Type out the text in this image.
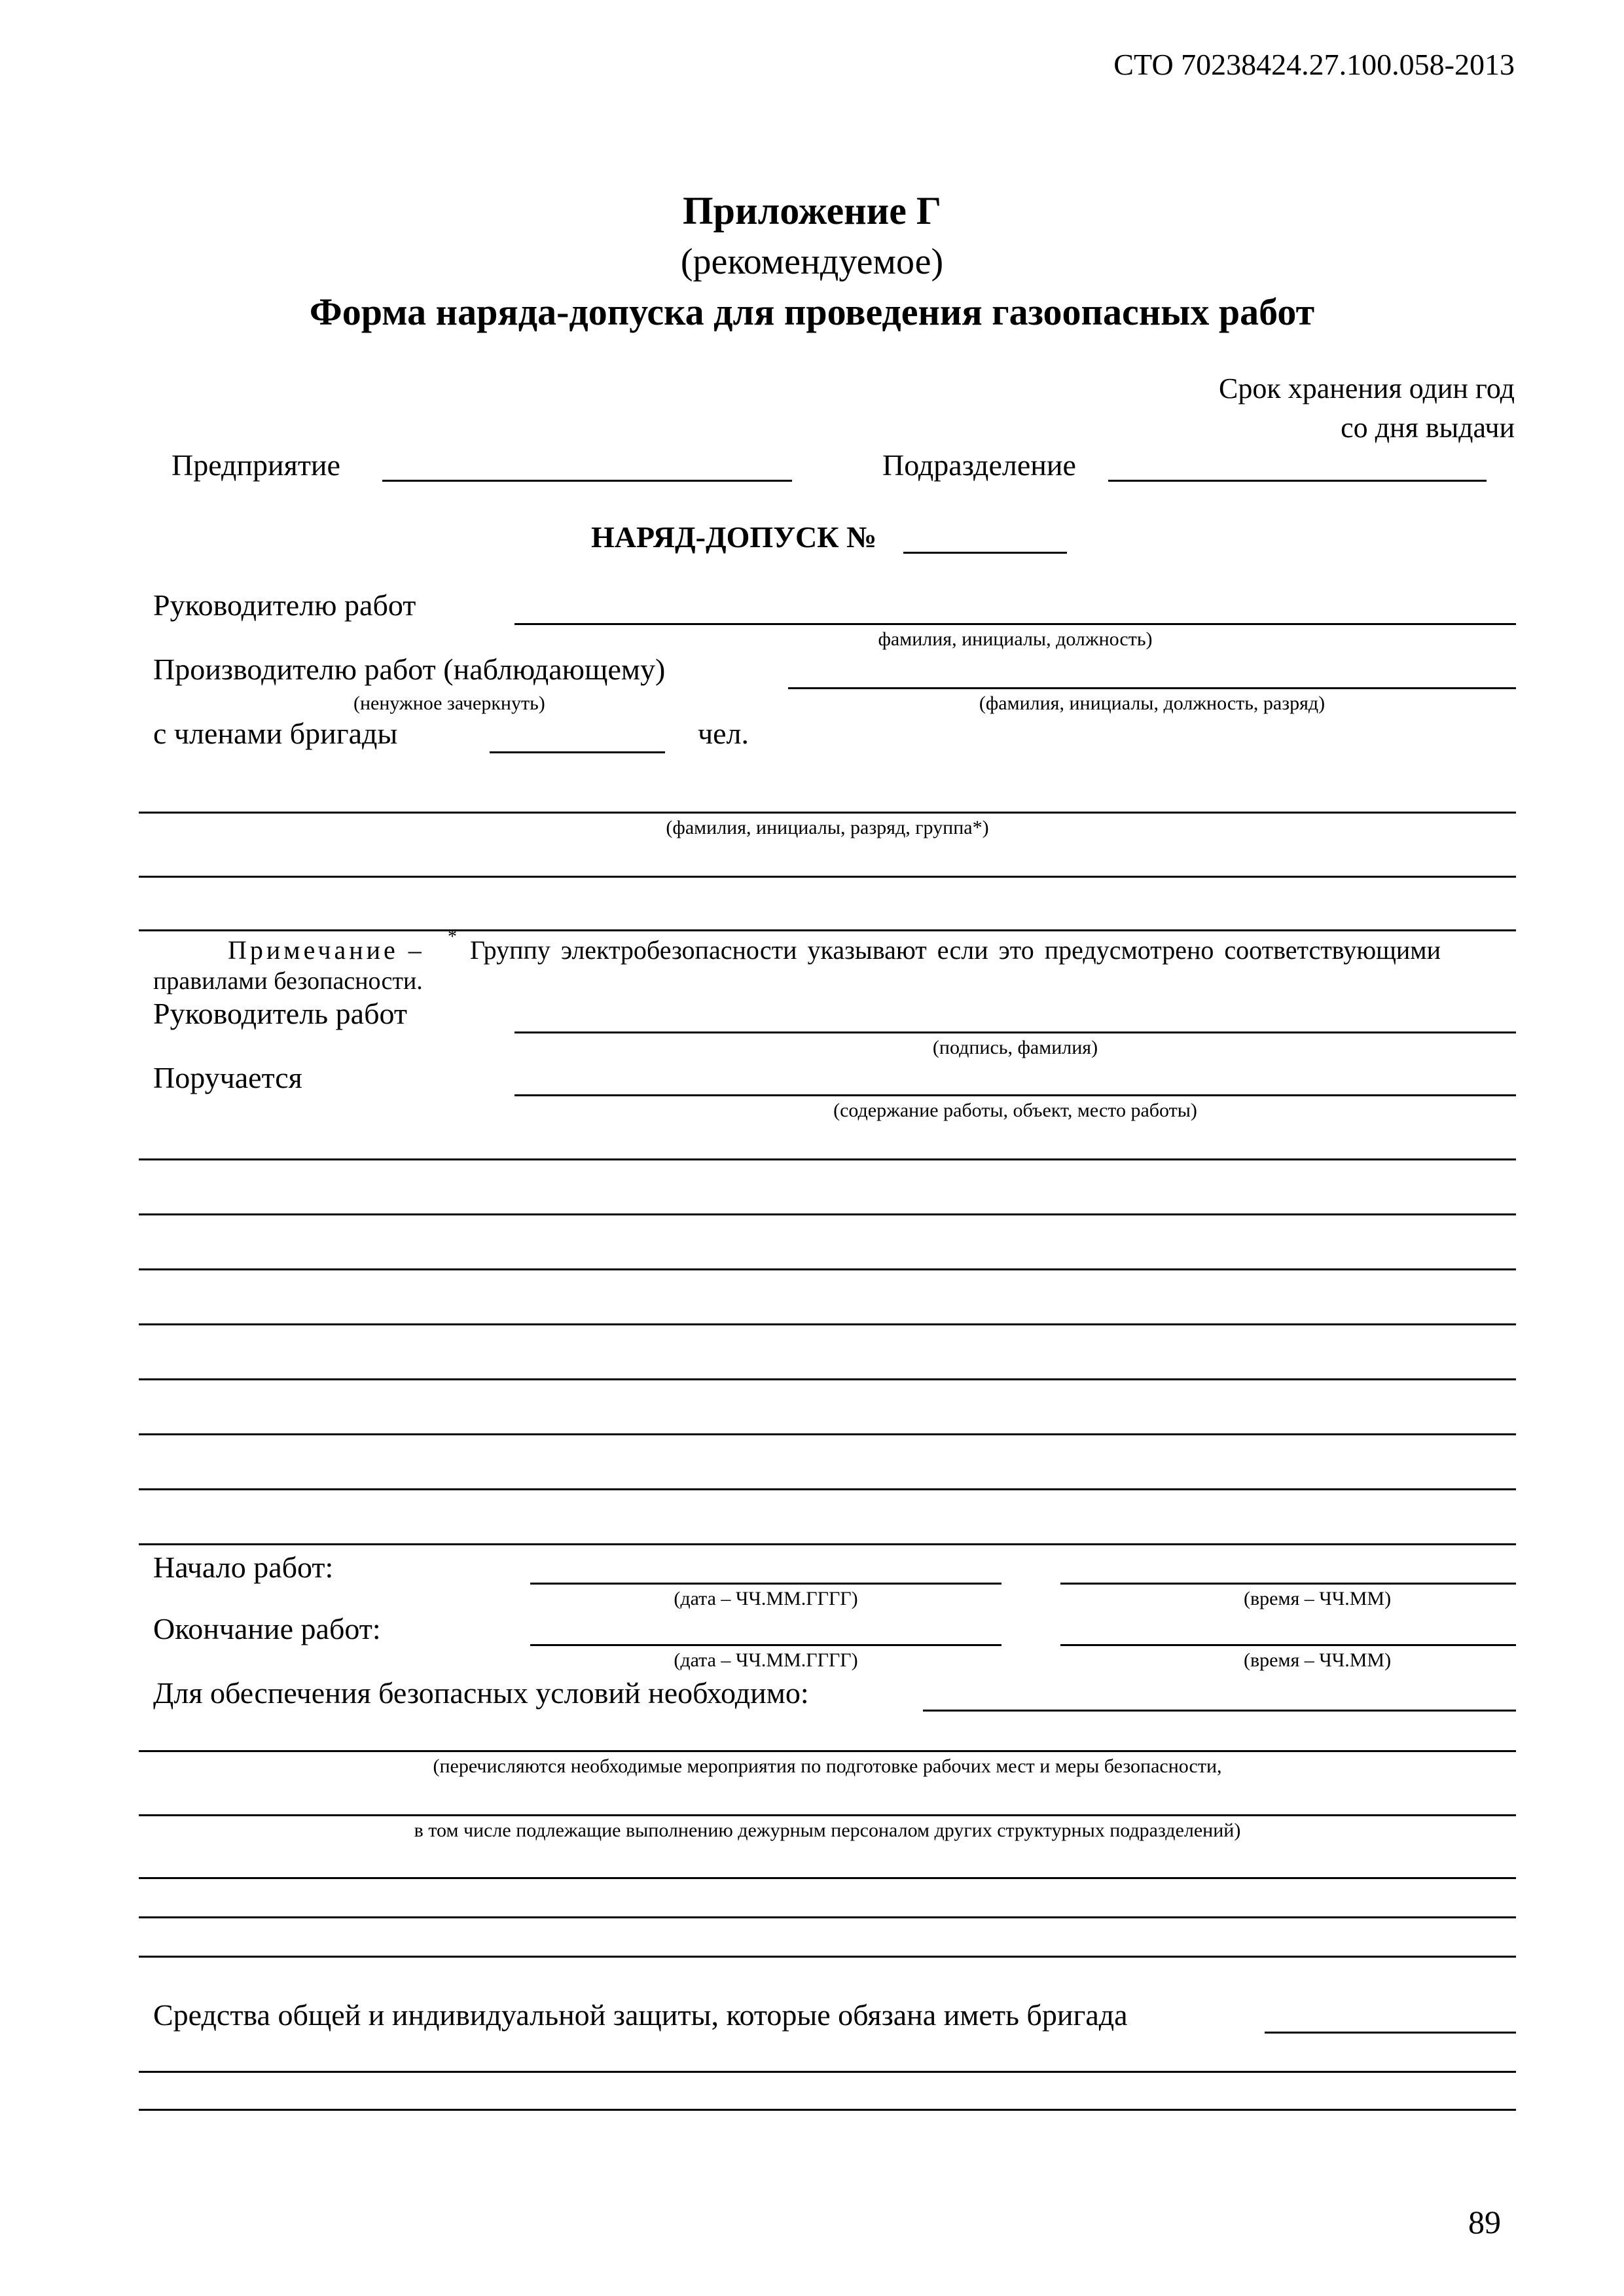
СТО 70238424.27.100.058-2013
Приложение Г
(рекомендуемое)
Форма наряда-допуска для проведения газоопасных работ
Срок хранения один год
со дня выдачи
Предприятие	Подразделение
НАРЯД-ДОПУСК №
Руководителю работ
фамилия, инициалы, должность)
Производителю работ (наблюдающему)
(ненужное зачеркнуть)	(фамилия, инициалы, должность, разряд)
с членами бригады	чел.
(фамилия, инициалы, разряд, группа*)
Примечание – * Группу электробезопасности указывают если это предусмотрено соответствующими
правилами безопасности.
Руководитель работ
(подпись, фамилия)
Поручается
(содержание работы, объект, место работы)
Начало работ:
(дата – ЧЧ.ММ.ГГГГ)	(время – ЧЧ.ММ)
Окончание работ:
(дата – ЧЧ.ММ.ГГГГ)	(время – ЧЧ.ММ)
Для обеспечения безопасных условий необходимо:
(перечисляются необходимые мероприятия по подготовке рабочих мест и меры безопасности,
в том числе подлежащие выполнению дежурным персоналом других структурных подразделений)
Средства общей и индивидуальной защиты, которые обязана иметь бригада
89
